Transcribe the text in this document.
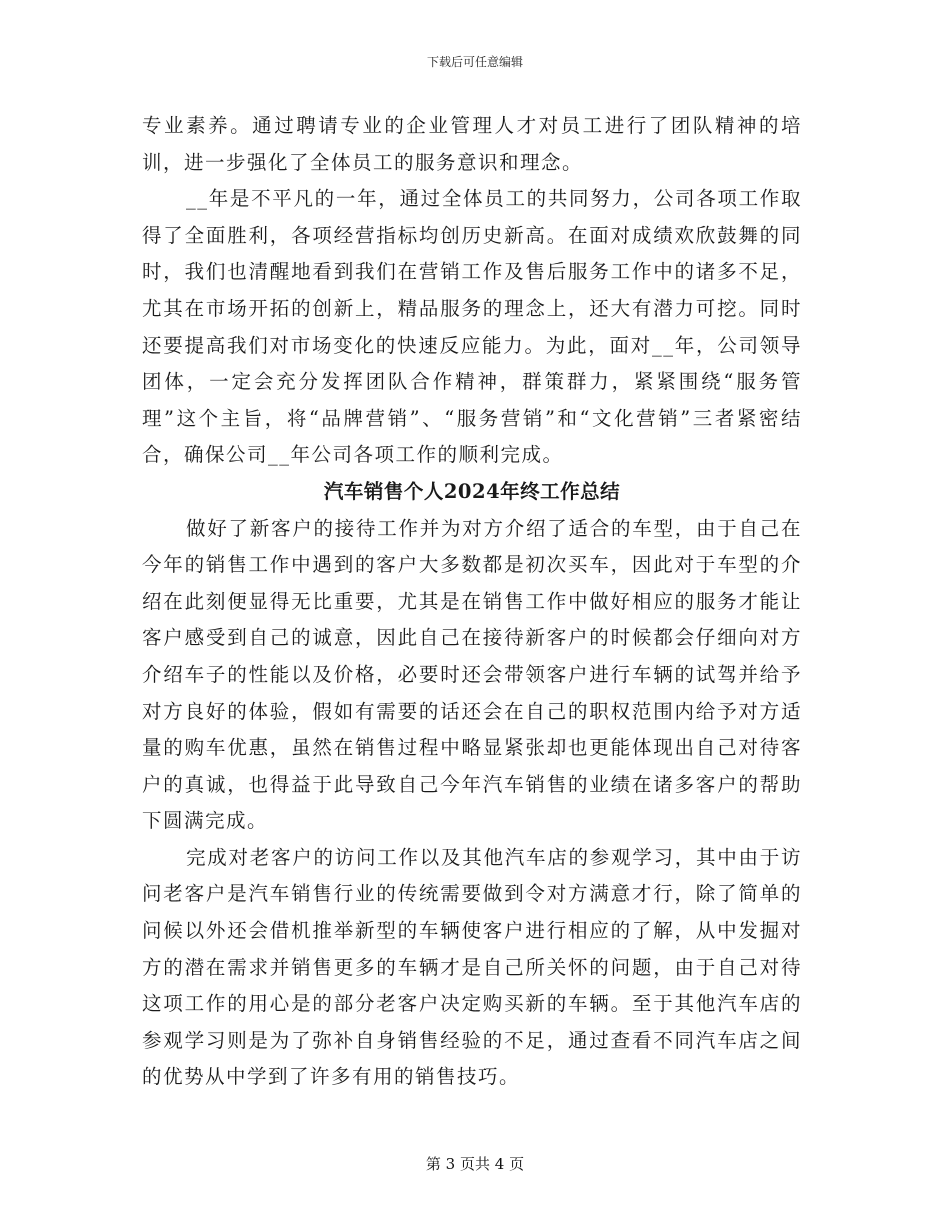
下载后可任意编辑

专业素养。通过聘请专业的企业管理人才对员工进行了团队精神的培训，进一步强化了全体员工的服务意识和理念。

__年是不平凡的一年，通过全体员工的共同努力，公司各项工作取得了全面胜利，各项经营指标均创历史新高。在面对成绩欢欣鼓舞的同时，我们也清醒地看到我们在营销工作及售后服务工作中的诸多不足，尤其在市场开拓的创新上，精品服务的理念上，还大有潜力可挖。同时还要提高我们对市场变化的快速反应能力。为此，面对__年，公司领导团体，一定会充分发挥团队合作精神，群策群力，紧紧围绕“服务管理”这个主旨，将“品牌营销”、“服务营销”和“文化营销”三者紧密结合，确保公司__年公司各项工作的顺利完成。

汽车销售个人2024年终工作总结

做好了新客户的接待工作并为对方介绍了适合的车型，由于自己在今年的销售工作中遇到的客户大多数都是初次买车，因此对于车型的介绍在此刻便显得无比重要，尤其是在销售工作中做好相应的服务才能让客户感受到自己的诚意，因此自己在接待新客户的时候都会仔细向对方介绍车子的性能以及价格，必要时还会带领客户进行车辆的试驾并给予对方良好的体验，假如有需要的话还会在自己的职权范围内给予对方适量的购车优惠，虽然在销售过程中略显紧张却也更能体现出自己对待客户的真诚，也得益于此导致自己今年汽车销售的业绩在诸多客户的帮助下圆满完成。

完成对老客户的访问工作以及其他汽车店的参观学习，其中由于访问老客户是汽车销售行业的传统需要做到令对方满意才行，除了简单的问候以外还会借机推举新型的车辆使客户进行相应的了解，从中发掘对方的潜在需求并销售更多的车辆才是自己所关怀的问题，由于自己对待这项工作的用心是的部分老客户决定购买新的车辆。至于其他汽车店的参观学习则是为了弥补自身销售经验的不足，通过查看不同汽车店之间的优势从中学到了许多有用的销售技巧。

第 3 页共 4 页
